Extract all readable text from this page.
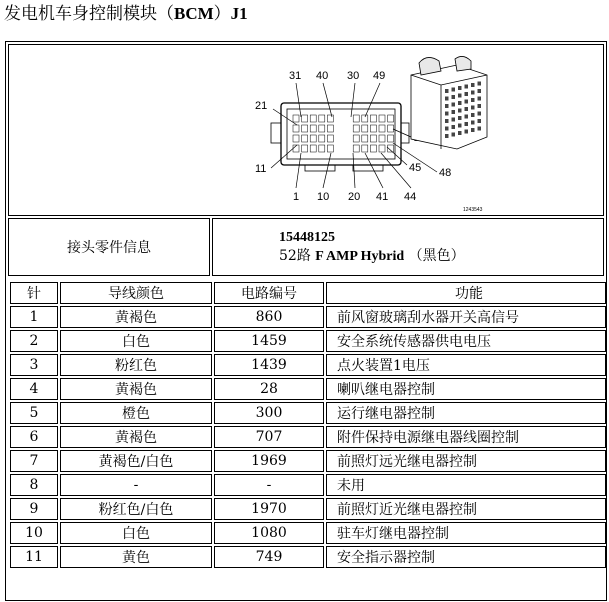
发电机车身控制模块（BCM）J1
31 40 30 49
21
11	45 48
1 10 20 41 44
1243543
接头零件信息
15448125
52路 F AMP Hybrid （黑色）
针	导线颜色	电路编号	功能
1	黄褐色	860	前风窗玻璃刮水器开关高信号
2	白色	1459	安全系统传感器供电电压
3	粉红色	1439	点火装置1电压
4	黄褐色	28	喇叭继电器控制
5	橙色	300	运行继电器控制
6	黄褐色	707	附件保持电源继电器线圈控制
7	黄褐色/白色	1969	前照灯远光继电器控制
8	-	-	未用
9	粉红色/白色	1970	前照灯近光继电器控制
10	白色	1080	驻车灯继电器控制
11	黄色	749	安全指示器控制
